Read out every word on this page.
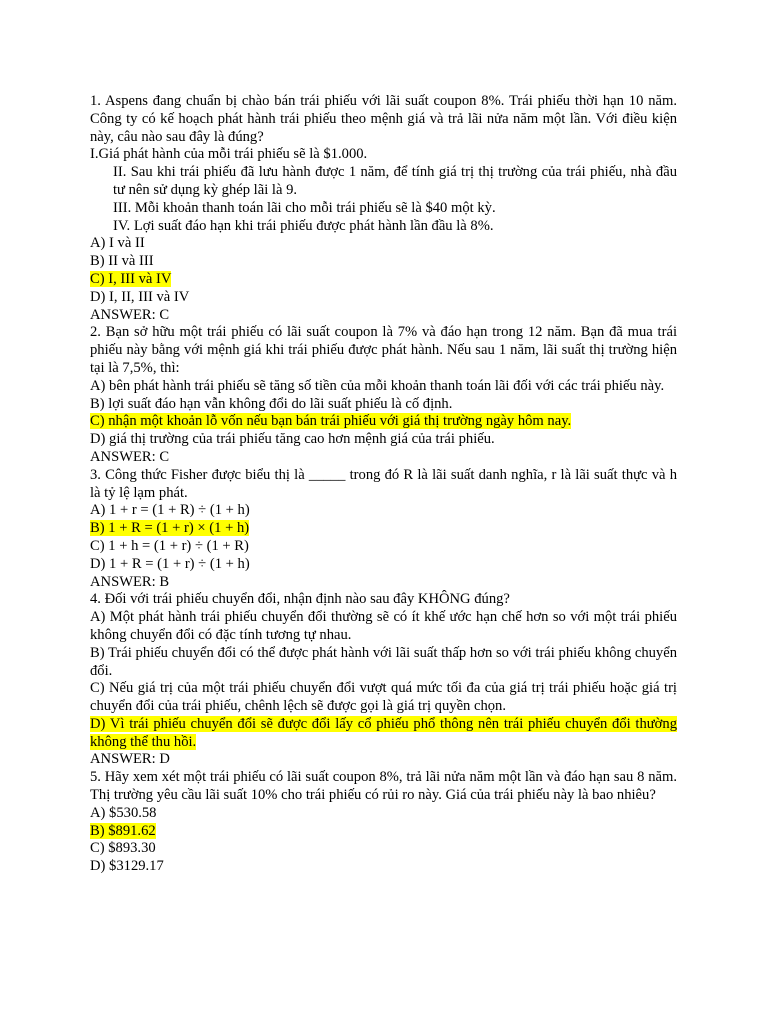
1. Aspens đang chuẩn bị chào bán trái phiếu với lãi suất coupon 8%. Trái phiếu thời hạn 10 năm. Công ty có kế hoạch phát hành trái phiếu theo mệnh giá và trả lãi nửa năm một lần. Với điều kiện này, câu nào sau đây là đúng?
I.Giá phát hành của mỗi trái phiếu sẽ là $1.000.
II. Sau khi trái phiếu đã lưu hành được 1 năm, để tính giá trị thị trường của trái phiếu, nhà đầu tư nên sử dụng kỳ ghép lãi là 9.
III. Mỗi khoản thanh toán lãi cho mỗi trái phiếu sẽ là $40 một kỳ.
IV. Lợi suất đáo hạn khi trái phiếu được phát hành lần đầu là 8%.
A) I và II
B) II và III
C) I, III và IV
D) I, II, III và IV
ANSWER: C
2. Bạn sở hữu một trái phiếu có lãi suất coupon là 7% và đáo hạn trong 12 năm. Bạn đã mua trái phiếu này bằng với mệnh giá khi trái phiếu được phát hành. Nếu sau 1 năm, lãi suất thị trường hiện tại là 7,5%, thì:
A) bên phát hành trái phiếu sẽ tăng số tiền của mỗi khoản thanh toán lãi đối với các trái phiếu này.
B) lợi suất đáo hạn vẫn không đổi do lãi suất phiếu là cố định.
C) nhận một khoản lỗ vốn nếu bạn bán trái phiếu với giá thị trường ngày hôm nay.
D) giá thị trường của trái phiếu tăng cao hơn mệnh giá của trái phiếu.
ANSWER: C
3. Công thức Fisher được biểu thị là _____ trong đó R là lãi suất danh nghĩa, r là lãi suất thực và h là tỷ lệ lạm phát.
A) 1 + r = (1 + R) ÷ (1 + h)
B) 1 + R = (1 + r) × (1 + h)
C) 1 + h = (1 + r) ÷ (1 + R)
D) 1 + R = (1 + r) ÷ (1 + h)
ANSWER: B
4. Đối với trái phiếu chuyển đổi, nhận định nào sau đây KHÔNG đúng?
A) Một phát hành trái phiếu chuyển đổi thường sẽ có ít khế ước hạn chế hơn so với một trái phiếu không chuyển đổi có đặc tính tương tự nhau.
B) Trái phiếu chuyển đổi có thể được phát hành với lãi suất thấp hơn so với trái phiếu không chuyển đổi.
C) Nếu giá trị của một trái phiếu chuyển đổi vượt quá mức tối đa của giá trị trái phiếu hoặc giá trị chuyển đổi của trái phiếu, chênh lệch sẽ được gọi là giá trị quyền chọn.
D) Vì trái phiếu chuyển đổi sẽ được đổi lấy cổ phiếu phổ thông nên trái phiếu chuyển đổi thường không thể thu hồi.
ANSWER: D
5. Hãy xem xét một trái phiếu có lãi suất coupon 8%, trả lãi nửa năm một lần và đáo hạn sau 8 năm. Thị trường yêu cầu lãi suất 10% cho trái phiếu có rủi ro này. Giá của trái phiếu này là bao nhiêu?
A) $530.58
B) $891.62
C) $893.30
D) $3129.17
